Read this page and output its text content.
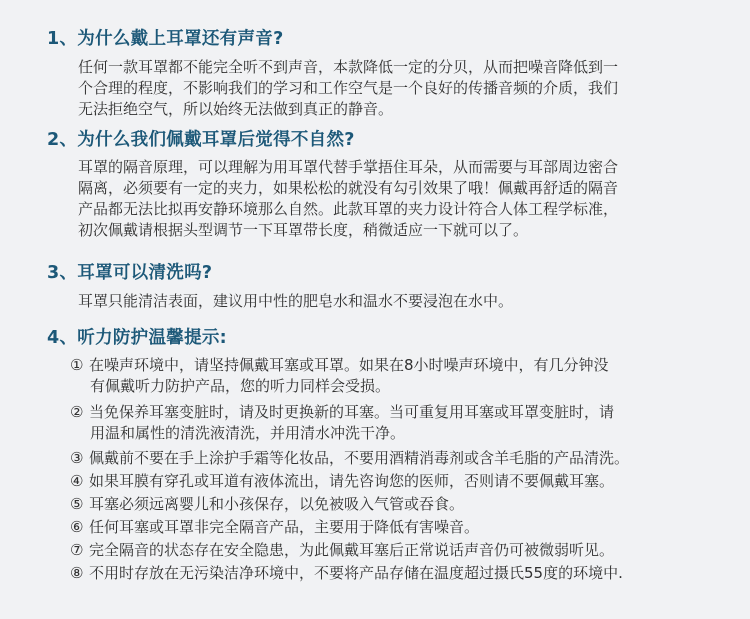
1、为什么戴上耳罩还有声音?
任何一款耳罩都不能完全听不到声音，本款降低一定的分贝，从而把噪音降低到一
个合理的程度，不影响我们的学习和工作空气是一个良好的传播音频的介质，我们
无法拒绝空气，所以始终无法做到真正的静音。
2、为什么我们佩戴耳罩后觉得不自然?
耳罩的隔音原理，可以理解为用耳罩代替手掌捂住耳朵，从而需要与耳部周边密合
隔离，必须要有一定的夹力，如果松松的就没有勾引效果了哦！佩戴再舒适的隔音
产品都无法比拟再安静环境那么自然。此款耳罩的夹力设计符合人体工程学标准，
初次佩戴请根据头型调节一下耳罩带长度，稍微适应一下就可以了。
3、耳罩可以清洗吗?
耳罩只能清洁表面，建议用中性的肥皂水和温水不要浸泡在水中。
4、听力防护温馨提示:
① 在噪声环境中，请坚持佩戴耳塞或耳罩。如果在8小时噪声环境中，有几分钟没
有佩戴听力防护产品，您的听力同样会受损。
② 当免保养耳塞变脏时，请及时更换新的耳塞。当可重复用耳塞或耳罩变脏时，请
用温和属性的清洗液清洗，并用清水冲洗干净。
③ 佩戴前不要在手上涂护手霜等化妆品，不要用酒精消毒剂或含羊毛脂的产品清洗。
④ 如果耳膜有穿孔或耳道有液体流出，请先咨询您的医师，否则请不要佩戴耳塞。
⑤ 耳塞必须远离婴儿和小孩保存，以免被吸入气管或吞食。
⑥ 任何耳塞或耳罩非完全隔音产品，主要用于降低有害噪音。
⑦ 完全隔音的状态存在安全隐患，为此佩戴耳塞后正常说话声音仍可被微弱听见。
⑧ 不用时存放在无污染洁净环境中，不要将产品存储在温度超过摄氏55度的环境中.
